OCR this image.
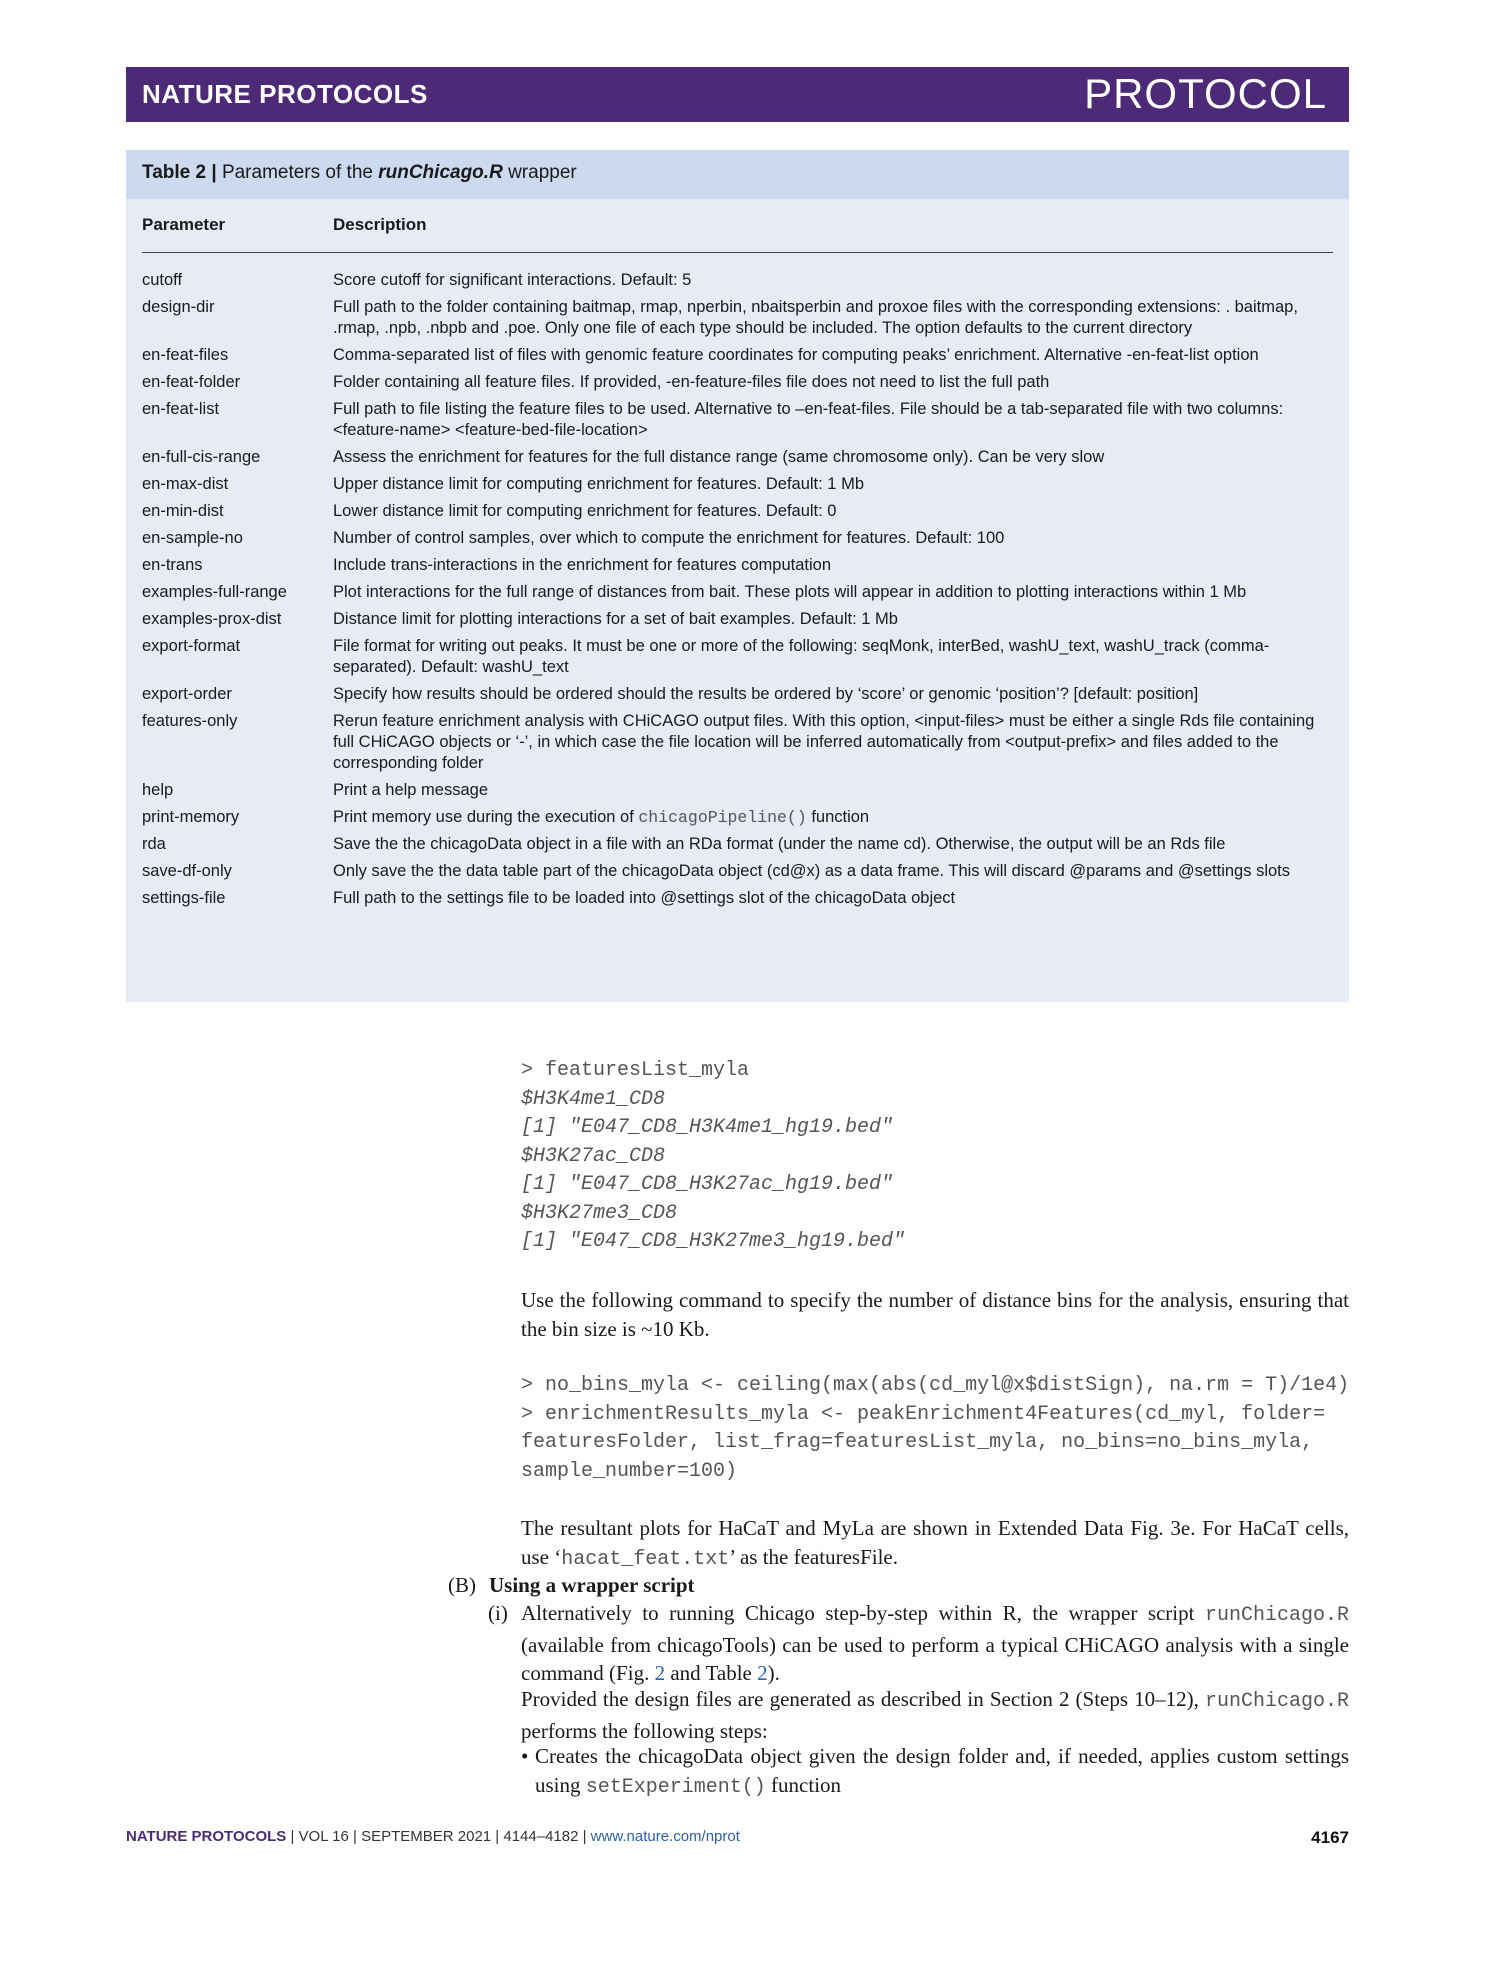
NATURE PROTOCOLS	PROTOCOL
Table 2 | Parameters of the runChicago.R wrapper
Parameter	Description
cutoff	Score cutoff for significant interactions. Default: 5
design-dir	Full path to the folder containing baitmap, rmap, nperbin, nbaitsperbin and proxoe files with the corresponding extensions: . baitmap, .rmap, .npb, .nbpb and .poe. Only one file of each type should be included. The option defaults to the current directory
en-feat-files	Comma-separated list of files with genomic feature coordinates for computing peaks’ enrichment. Alternative -en-feat-list option
en-feat-folder	Folder containing all feature files. If provided, -en-feature-files file does not need to list the full path
en-feat-list	Full path to file listing the feature files to be used. Alternative to –en-feat-files. File should be a tab-separated file with two columns: <feature-name> <feature-bed-file-location>
en-full-cis-range	Assess the enrichment for features for the full distance range (same chromosome only). Can be very slow
en-max-dist	Upper distance limit for computing enrichment for features. Default: 1 Mb
en-min-dist	Lower distance limit for computing enrichment for features. Default: 0
en-sample-no	Number of control samples, over which to compute the enrichment for features. Default: 100
en-trans	Include trans-interactions in the enrichment for features computation
examples-full-range	Plot interactions for the full range of distances from bait. These plots will appear in addition to plotting interactions within 1 Mb
examples-prox-dist	Distance limit for plotting interactions for a set of bait examples. Default: 1 Mb
export-format	File format for writing out peaks. It must be one or more of the following: seqMonk, interBed, washU_text, washU_track (comma-separated). Default: washU_text
export-order	Specify how results should be ordered should the results be ordered by ‘score’ or genomic ‘position’? [default: position]
features-only	Rerun feature enrichment analysis with CHiCAGO output files. With this option, <input-files> must be either a single Rds file containing full CHiCAGO objects or ‘-’, in which case the file location will be inferred automatically from <output-prefix> and files added to the corresponding folder
help	Print a help message
print-memory	Print memory use during the execution of chicagoPipeline() function
rda	Save the the chicagoData object in a file with an RDa format (under the name cd). Otherwise, the output will be an Rds file
save-df-only	Only save the the data table part of the chicagoData object (cd@x) as a data frame. This will discard @params and @settings slots
settings-file	Full path to the settings file to be loaded into @settings slot of the chicagoData object
> featuresList_myla
$H3K4me1_CD8
[1] "E047_CD8_H3K4me1_hg19.bed"
$H3K27ac_CD8
[1] "E047_CD8_H3K27ac_hg19.bed"
$H3K27me3_CD8
[1] "E047_CD8_H3K27me3_hg19.bed"
Use the following command to specify the number of distance bins for the analysis, ensuring that the bin size is ~10 Kb.
> no_bins_myla <- ceiling(max(abs(cd_myl@x$distSign), na.rm = T)/1e4)
> enrichmentResults_myla <- peakEnrichment4Features(cd_myl, folder=
featuresFolder, list_frag=featuresList_myla, no_bins=no_bins_myla,
sample_number=100)
The resultant plots for HaCaT and MyLa are shown in Extended Data Fig. 3e. For HaCaT cells, use ‘hacat_feat.txt’ as the featuresFile.
(B) Using a wrapper script
(i) Alternatively to running Chicago step-by-step within R, the wrapper script runChicago.R (available from chicagoTools) can be used to perform a typical CHiCAGO analysis with a single command (Fig. 2 and Table 2).
Provided the design files are generated as described in Section 2 (Steps 10–12), runChicago.R performs the following steps:
• Creates the chicagoData object given the design folder and, if needed, applies custom settings using setExperiment() function
NATURE PROTOCOLS | VOL 16 | SEPTEMBER 2021 | 4144–4182 | www.nature.com/nprot	4167
